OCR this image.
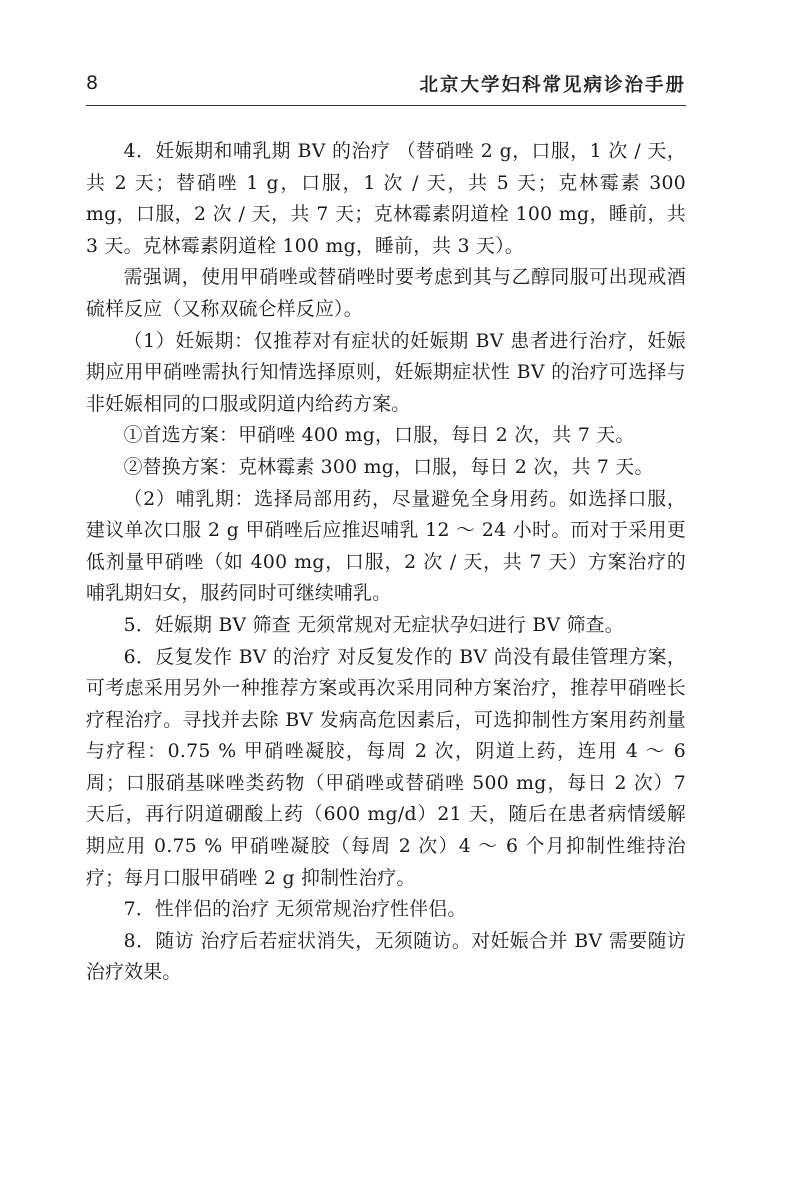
8	北京大学妇科常见病诊治手册

4．妊娠期和哺乳期 BV 的治疗 （替硝唑 2 g，口服，1 次 / 天，共 2 天；替硝唑 1 g，口服，1 次 / 天，共 5 天；克林霉素 300 mg，口服，2 次 / 天，共 7 天；克林霉素阴道栓 100 mg，睡前，共 3 天。克林霉素阴道栓 100 mg，睡前，共 3 天）。

需强调，使用甲硝唑或替硝唑时要考虑到其与乙醇同服可出现戒酒硫样反应（又称双硫仑样反应）。

（1）妊娠期：仅推荐对有症状的妊娠期 BV 患者进行治疗，妊娠期应用甲硝唑需执行知情选择原则，妊娠期症状性 BV 的治疗可选择与非妊娠相同的口服或阴道内给药方案。

①首选方案：甲硝唑 400 mg，口服，每日 2 次，共 7 天。

②替换方案：克林霉素 300 mg，口服，每日 2 次，共 7 天。

（2）哺乳期：选择局部用药，尽量避免全身用药。如选择口服，建议单次口服 2 g 甲硝唑后应推迟哺乳 12 ～ 24 小时。而对于采用更低剂量甲硝唑（如 400 mg，口服，2 次 / 天，共 7 天）方案治疗的哺乳期妇女，服药同时可继续哺乳。

5．妊娠期 BV 筛查 无须常规对无症状孕妇进行 BV 筛查。

6．反复发作 BV 的治疗 对反复发作的 BV 尚没有最佳管理方案，可考虑采用另外一种推荐方案或再次采用同种方案治疗，推荐甲硝唑长疗程治疗。寻找并去除 BV 发病高危因素后，可选抑制性方案用药剂量与疗程：0.75 % 甲硝唑凝胶，每周 2 次，阴道上药，连用 4 ～ 6 周；口服硝基咪唑类药物（甲硝唑或替硝唑 500 mg，每日 2 次）7 天后，再行阴道硼酸上药（600 mg/d）21 天，随后在患者病情缓解期应用 0.75 % 甲硝唑凝胶（每周 2 次）4 ～ 6 个月抑制性维持治疗；每月口服甲硝唑 2 g 抑制性治疗。

7．性伴侣的治疗 无须常规治疗性伴侣。

8．随访 治疗后若症状消失，无须随访。对妊娠合并 BV 需要随访治疗效果。
